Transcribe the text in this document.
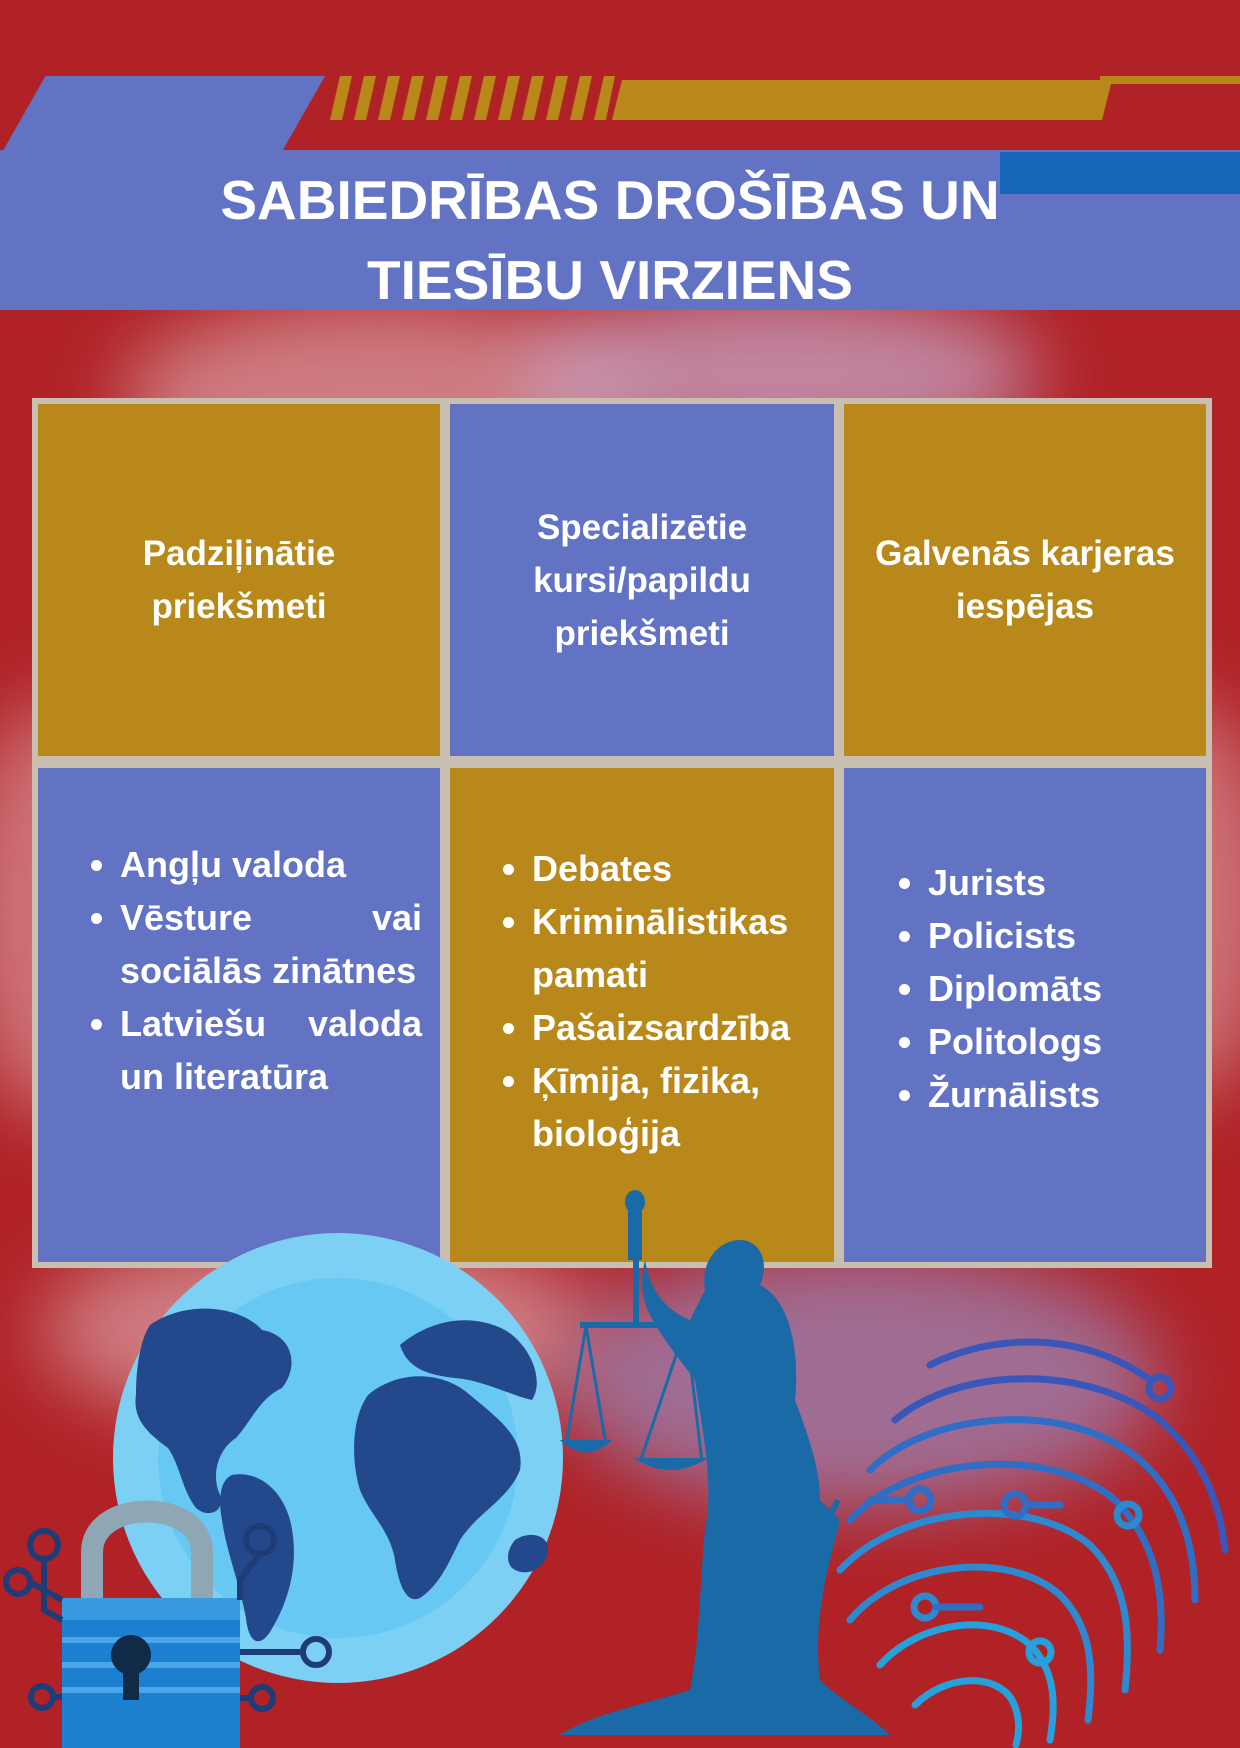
SABIEDRĪBAS DROŠĪBAS UN
TIESĪBU VIRZIENS
Padziļinātie priekšmeti
Specializētie kursi/papildu priekšmeti
Galvenās karjeras iespējas
• Angļu valoda
• Vēsture vai sociālās zinātnes
• Latviešu valoda un literatūra
• Debates
• Kriminālistikas pamati
• Pašaizsardzība
• Ķīmija, fizika, bioloģija
• Jurists
• Policists
• Diplomāts
• Politologs
• Žurnālists
